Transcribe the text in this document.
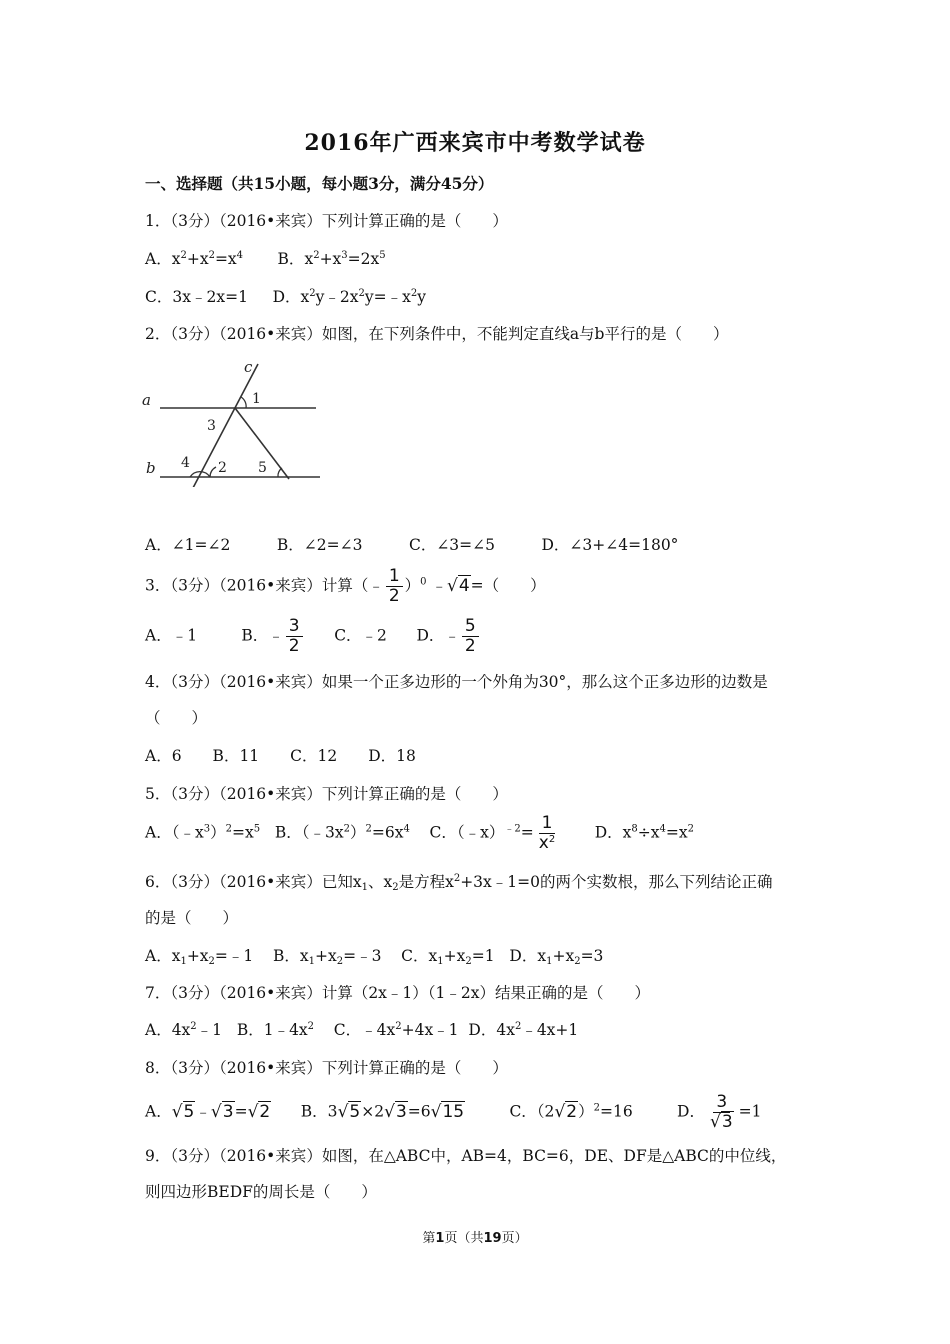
2016年广西来宾市中考数学试卷
一、选择题（共15小题，每小题3分，满分45分）
1．（3分）（2016•来宾）下列计算正确的是（　　）
A．$x^2+x^2=x^4$ B．$x^2+x^3=2x^5$
C．3x﹣2x=1 D．$x^2y﹣2x^2y=﹣x^2y$
2．（3分）（2016•来宾）如图，在下列条件中，不能判定直线a与b平行的是（　　）
a
b
c
1
2
3
4	5
A．∠1=∠2　　　B．∠2=∠3　　　C．∠3=∠5　　　D．∠3+∠4=180°
3．（3分）（2016•来宾）计算（﹣ $\frac{1}{2} )^0$ ﹣√4=（　　）
A．﹣1	B．﹣ $\frac{3}{2}$ C．﹣2 D．﹣ $\frac{5}{2}$
4．（3分）（2016•来宾）如果一个正多边形的一个外角为30°，那么这个正多边形的边数是
（　　）
A．6　　B．11　　C．12　　D．18
5．（3分）（2016•来宾）下列计算正确的是（　　）
A．$(﹣x^3)^2=x^5$   B．$(﹣3x^2)^2=6x^4$    C．（﹣x）$^{﹣2}$= $\frac{1}{x^2}$ D．$x^8\div x^4=x^2$
6．（3分）（2016•来宾）已知$x_1$、$x_2$是方程$x^2+3x﹣1=0$的两个实数根，那么下列结论正确
的是（　　）
A．$x_1+x_2=﹣1$    B．$x_1+x_2=﹣3$    C．$x_1+x_2=1$   D．$x_1+x_2=3$
7．（3分）（2016•来宾）计算（2x﹣1）（1﹣2x）结果正确的是（　　）
A．$4x^2﹣1$   B．$1﹣4x^2$    C．$﹣4x^2+4x﹣1$  D．$4x^2﹣4x+1$
8．（3分）（2016•来宾）下列计算正确的是（　　）
A．√5﹣√3=√2      B．3√5×2√3=6√15         C．$(2√2)^2=16$         D． $\frac{3}{√3} =1$
9．（3分）（2016•来宾）如图，在△ABC中，AB=4，BC=6，DE、DF是△ABC的中位线，
则四边形BEDF的周长是（　　）
第1页（共19页）
